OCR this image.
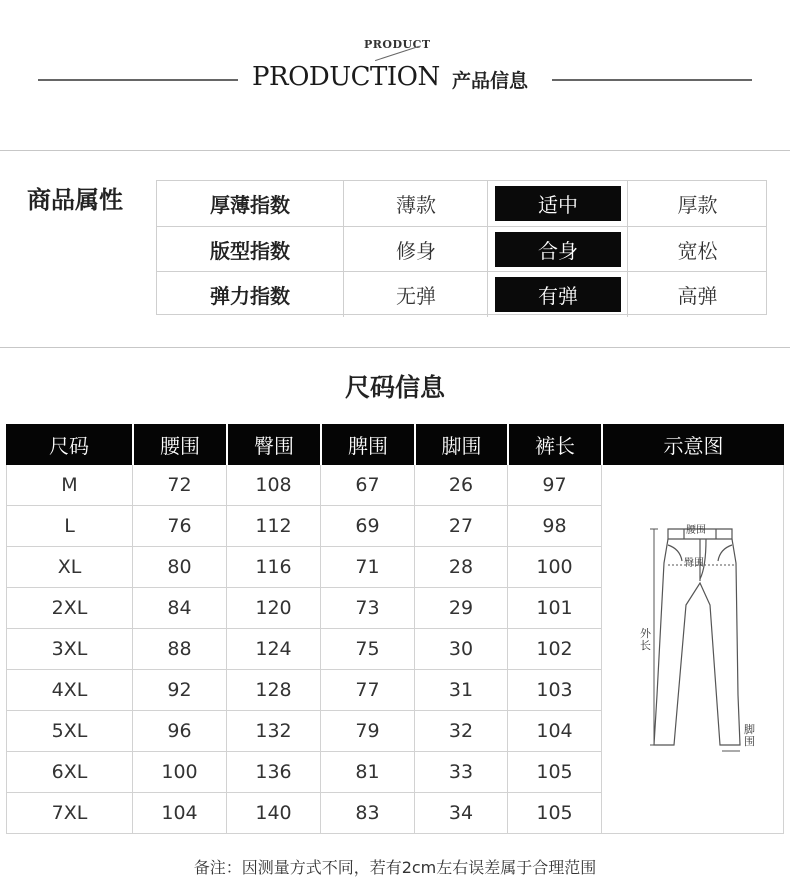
PRODUCT
PRODUCTION 产品信息
商品属性	厚薄指数	薄款	适中	厚款
版型指数	修身	合身	宽松
弹力指数	无弹	有弹	高弹
尺码信息
尺码	腰围	臀围	脾围	脚围	裤长	示意图
M	72	108	67	26	97
L	76	112	69	27	98
XL	80	116	71	28	100
2XL	84	120	73	29	101
3XL	88	124	75	30	102
4XL	92	128	77	31	103
5XL	96	132	79	32	104
6XL	100	136	81	33	105
7XL	104	140	83	34	105
腰围
臀围
外
长
脚
围
备注：因测量方式不同，若有2cm左右误差属于合理范围
